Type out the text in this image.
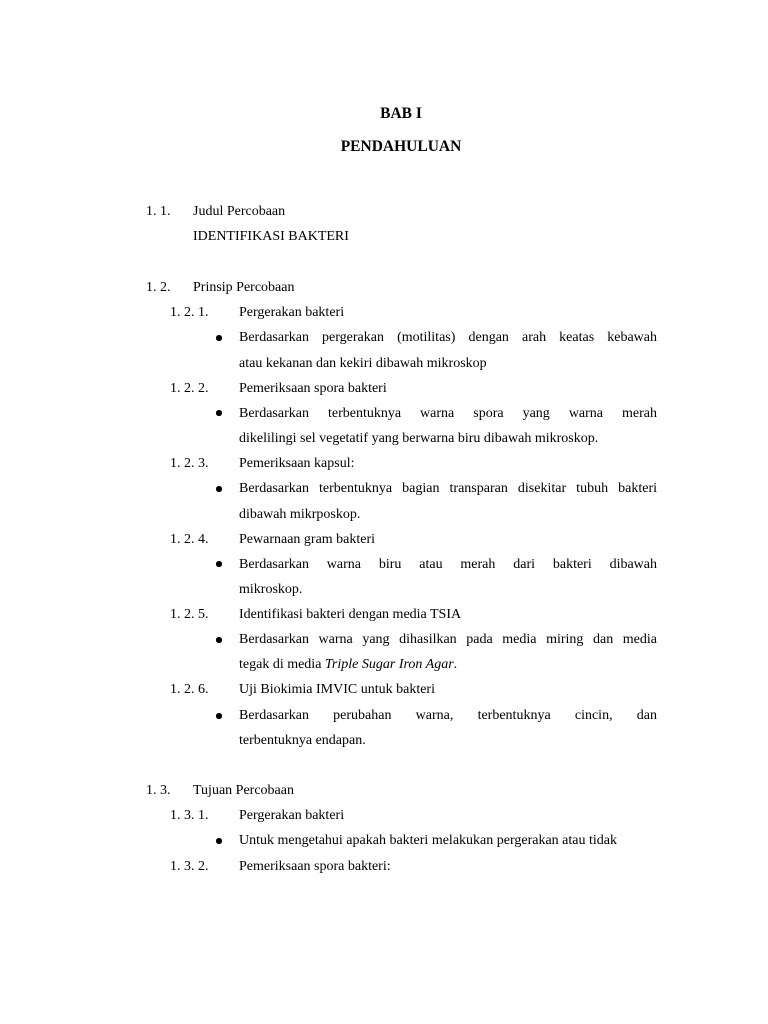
BAB I
PENDAHULUAN
1. 1. Judul Percobaan
IDENTIFIKASI BAKTERI
1. 2. Prinsip Percobaan
1. 2. 1. Pergerakan bakteri
Berdasarkan pergerakan (motilitas) dengan arah keatas kebawah
atau kekanan dan kekiri dibawah mikroskop
1. 2. 2. Pemeriksaan spora bakteri
Berdasarkan terbentuknya warna spora yang warna merah
dikelilingi sel vegetatif yang berwarna biru dibawah mikroskop.
1. 2. 3. Pemeriksaan kapsul:
Berdasarkan terbentuknya bagian transparan disekitar tubuh bakteri
dibawah mikrposkop.
1. 2. 4. Pewarnaan gram bakteri
Berdasarkan warna biru atau merah dari bakteri dibawah
mikroskop.
1. 2. 5. Identifikasi bakteri dengan media TSIA
Berdasarkan warna yang dihasilkan pada media miring dan media
tegak di media Triple Sugar Iron Agar.
1. 2. 6. Uji Biokimia IMVIC untuk bakteri
Berdasarkan perubahan warna, terbentuknya cincin, dan
terbentuknya endapan.
1. 3. Tujuan Percobaan
1. 3. 1. Pergerakan bakteri
Untuk mengetahui apakah bakteri melakukan pergerakan atau tidak
1. 3. 2. Pemeriksaan spora bakteri:
